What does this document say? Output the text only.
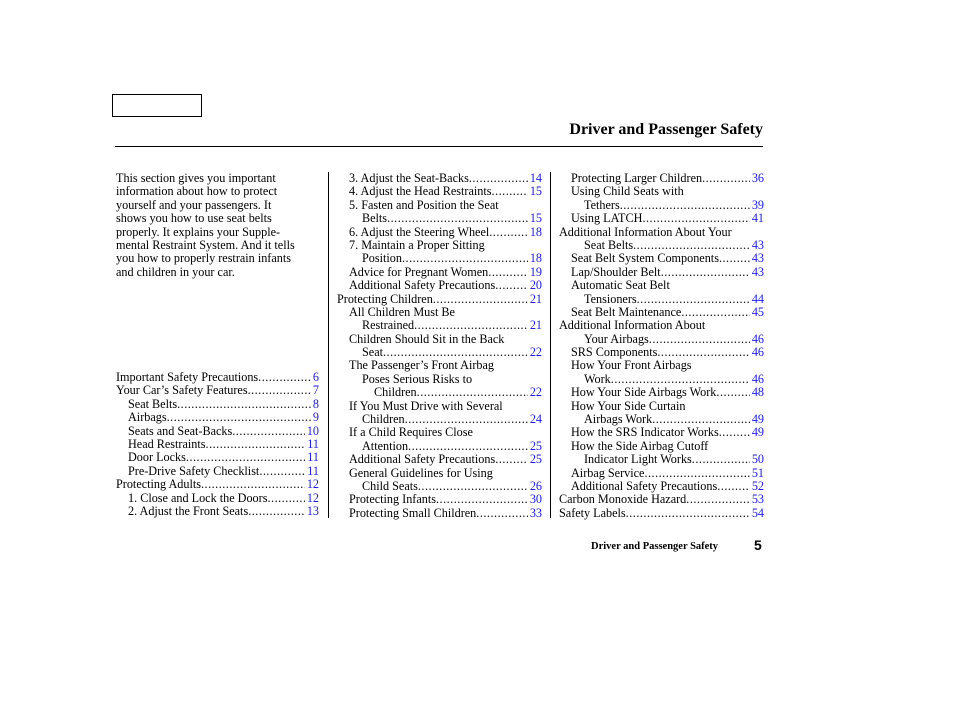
Driver and Passenger Safety
This section gives you important
information about how to protect
yourself and your passengers. It
shows you how to use seat belts
properly. It explains your Supple-
mental Restraint System. And it tells
you how to properly restrain infants
and children in your car.
Important Safety Precautions .....	6
Your Car’s Safety Features .....	7
Seat Belts .....	8
Airbags .....	9
Seats and Seat-Backs .....	10
Head Restraints .....	11
Door Locks .....	11
Pre-Drive Safety Checklist .....	11
Protecting Adults .....	12
1. Close and Lock the Doors .....	12
2. Adjust the Front Seats .....	13
3. Adjust the Seat-Backs .....	14
4. Adjust the Head Restraints .....	15
5. Fasten and Position the Seat
Belts .....	15
6. Adjust the Steering Wheel .....	18
7. Maintain a Proper Sitting
Position .....	18
Advice for Pregnant Women .....	19
Additional Safety Precautions .....	20
Protecting Children .....	21
All Children Must Be
Restrained .....	21
Children Should Sit in the Back
Seat .....	22
The Passenger’s Front Airbag
Poses Serious Risks to
Children .....	22
If You Must Drive with Several
Children .....	24
If a Child Requires Close
Attention .....	25
Additional Safety Precautions .....	25
General Guidelines for Using
Child Seats .....	26
Protecting Infants .....	30
Protecting Small Children .....	33
Protecting Larger Children .....	36
Using Child Seats with
Tethers .....	39
Using LATCH .....	41
Additional Information About Your
Seat Belts .....	43
Seat Belt System Components .....	43
Lap/Shoulder Belt .....	43
Automatic Seat Belt
Tensioners .....	44
Seat Belt Maintenance .....	45
Additional Information About
Your Airbags .....	46
SRS Components .....	46
How Your Front Airbags
Work .....	46
How Your Side Airbags Work .....	48
How Your Side Curtain
Airbags Work .....	49
How the SRS Indicator Works .....	49
How the Side Airbag Cutoff
Indicator Light Works .....	50
Airbag Service .....	51
Additional Safety Precautions .....	52
Carbon Monoxide Hazard .....	53
Safety Labels .....	54
Driver and Passenger Safety	5
